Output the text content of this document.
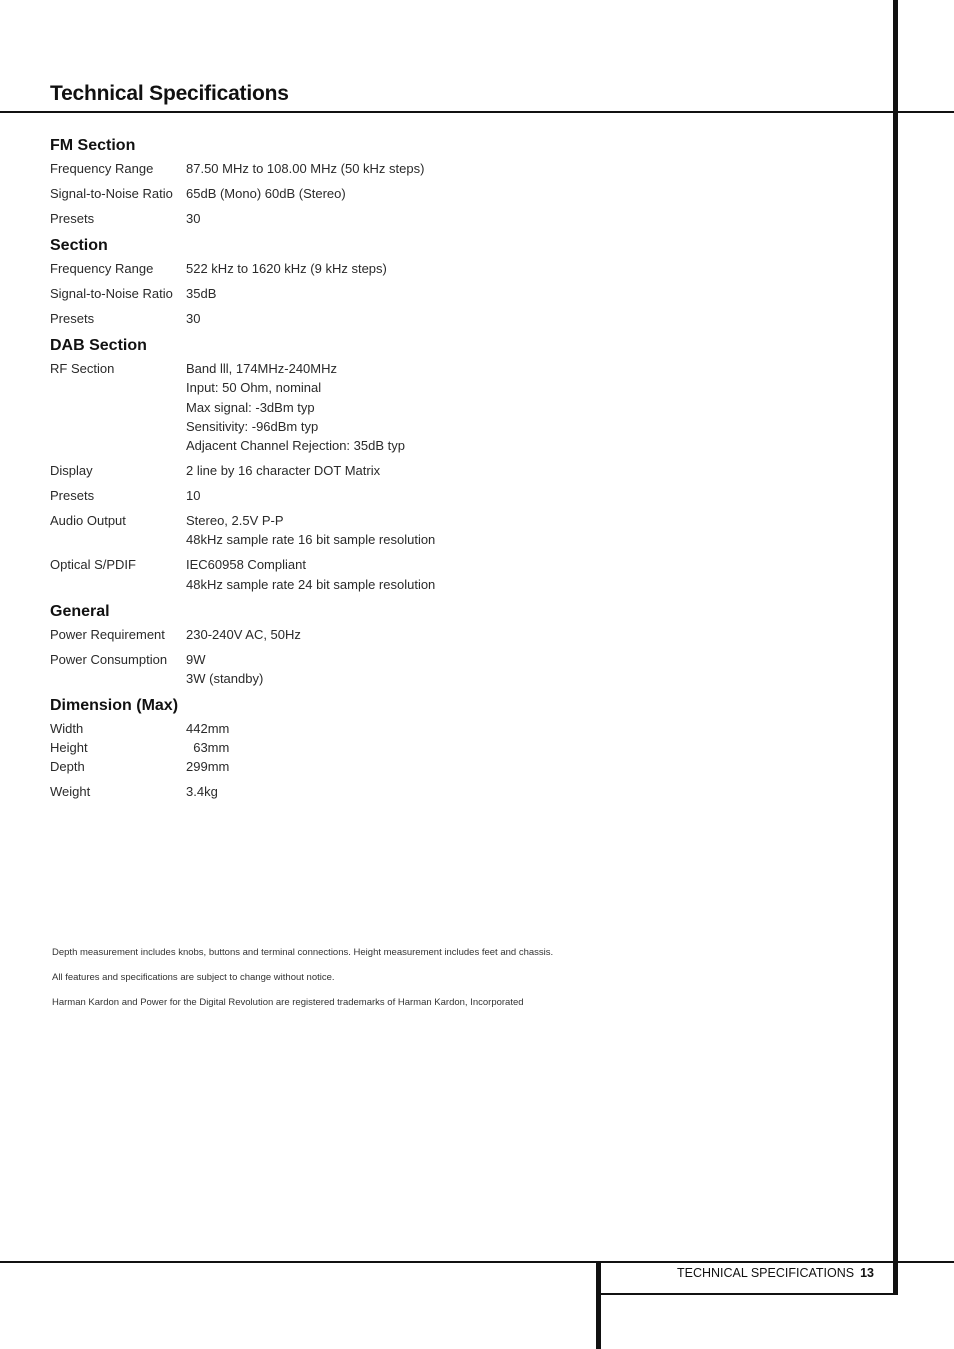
Technical Specifications
FM Section
Frequency Range	87.50 MHz to 108.00 MHz (50 kHz steps)
Signal-to-Noise Ratio	65dB (Mono) 60dB (Stereo)
Presets	30
Section
Frequency Range	522 kHz to 1620 kHz (9 kHz steps)
Signal-to-Noise Ratio	35dB
Presets	30
DAB Section
RF Section	Band lll, 174MHz-240MHz
Input: 50 Ohm, nominal
Max signal: -3dBm typ
Sensitivity: -96dBm typ
Adjacent Channel Rejection: 35dB typ
Display	2 line by 16 character DOT Matrix
Presets	10
Audio Output	Stereo, 2.5V P-P
48kHz sample rate 16 bit sample resolution
Optical S/PDIF	IEC60958 Compliant
48kHz sample rate 24 bit sample resolution
General
Power Requirement	230-240V AC, 50Hz
Power Consumption	9W
3W (standby)
Dimension (Max)
Width	442mm
Height	63mm
Depth	299mm
Weight	3.4kg

Depth measurement includes knobs, buttons and terminal connections. Height measurement includes feet and chassis.

All features and specifications are subject to change without notice.

Harman Kardon and Power for the Digital Revolution are registered trademarks of Harman Kardon, Incorporated

TECHNICAL SPECIFICATIONS 13
